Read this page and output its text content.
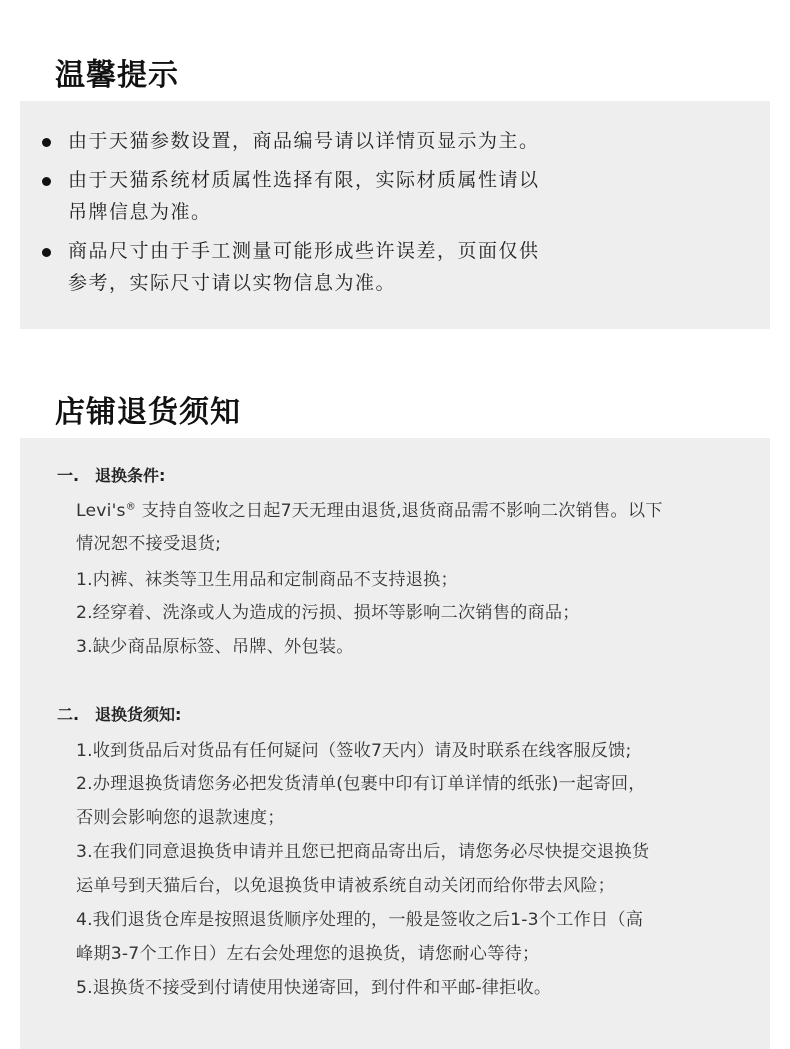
温馨提示
由于天猫参数设置，商品编号请以详情页显示为主。
由于天猫系统材质属性选择有限，实际材质属性请以
吊牌信息为准。
商品尺寸由于手工测量可能形成些许误差，页面仅供
参考，实际尺寸请以实物信息为准。
店铺退货须知
一. 退换条件:
Levi's® 支持自签收之日起7天无理由退货,退货商品需不影响二次销售。以下
情况恕不接受退货;
1.内裤、袜类等卫生用品和定制商品不支持退换；
2.经穿着、洗涤或人为造成的污损、损坏等影响二次销售的商品；
3.缺少商品原标签、吊牌、外包装。
二. 退换货须知:
1.收到货品后对货品有任何疑问（签收7天内）请及时联系在线客服反馈;
2.办理退换货请您务必把发货清单(包裹中印有订单详情的纸张)一起寄回，
否则会影响您的退款速度；
3.在我们同意退换货申请并且您已把商品寄出后，请您务必尽快提交退换货
运单号到天猫后台，以免退换货申请被系统自动关闭而给你带去风险；
4.我们退货仓库是按照退货顺序处理的，一般是签收之后1-3个工作日（高
峰期3-7个工作日）左右会处理您的退换货，请您耐心等待；
5.退换货不接受到付请使用快递寄回，到付件和平邮-律拒收。
